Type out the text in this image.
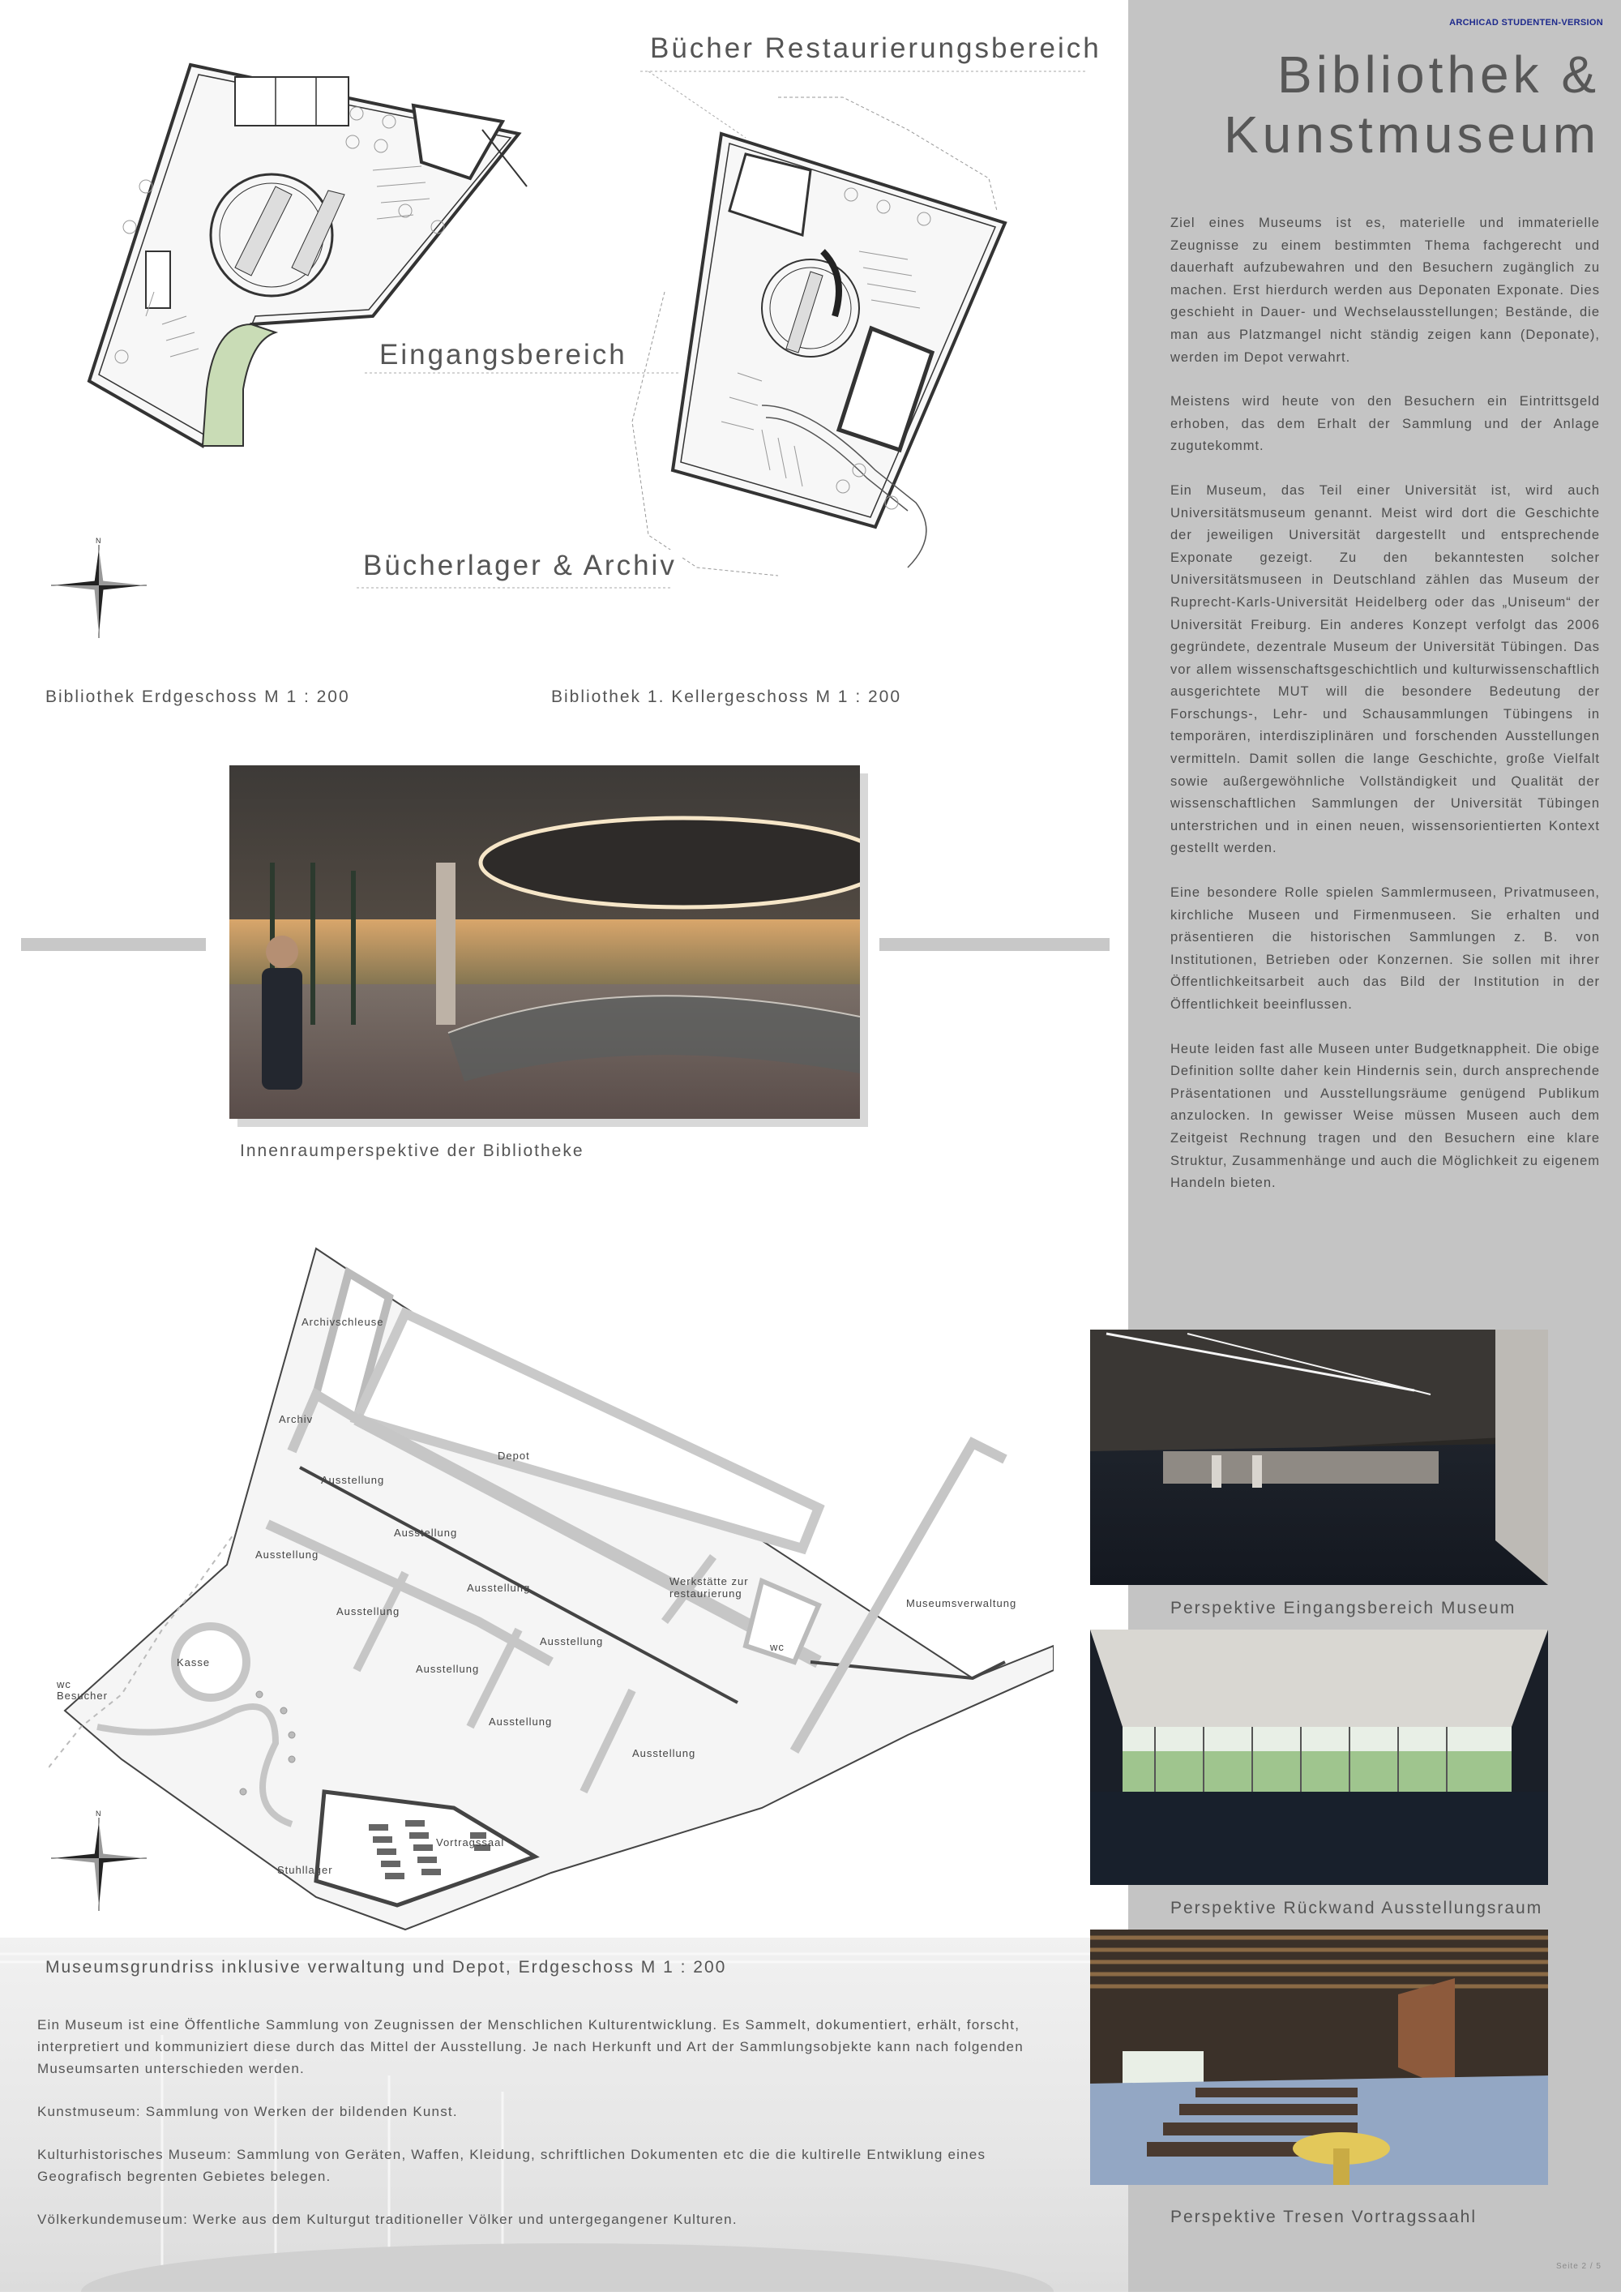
ARCHICAD STUDENTEN-VERSION
Bibliothek &
Kunstmuseum

Ziel eines Museums ist es, materielle und immaterielle Zeugnisse zu einem bestimmten Thema fachgerecht und dauerhaft aufzubewahren und den Besuchern zugänglich zu machen. Erst hierdurch werden aus Deponaten Exponate. Dies geschieht in Dauer- und Wechselausstellungen; Bestände, die man aus Platzmangel nicht ständig zeigen kann (Deponate), werden im Depot verwahrt.

Meistens wird heute von den Besuchern ein Eintrittsgeld erhoben, das dem Erhalt der Sammlung und der Anlage zugutekommt.

Ein Museum, das Teil einer Universität ist, wird auch Universitätsmuseum genannt. Meist wird dort die Geschichte der jeweiligen Universität dargestellt und entsprechende Exponate gezeigt. Zu den bekanntesten solcher Universitätsmuseen in Deutschland zählen das Museum der Ruprecht-Karls-Universität Heidelberg oder das „Uniseum“ der Universität Freiburg. Ein anderes Konzept verfolgt das 2006 gegründete, dezentrale Museum der Universität Tübingen. Das vor allem wissenschaftsgeschichtlich und kulturwissenschaftlich ausgerichtete MUT will die besondere Bedeutung der Forschungs-, Lehr- und Schausammlungen Tübingens in temporären, interdisziplinären und forschenden Ausstellungen vermitteln. Damit sollen die lange Geschichte, große Vielfalt sowie außergewöhnliche Vollständigkeit und Qualität der wissenschaftlichen Sammlungen der Universität Tübingen unterstrichen und in einen neuen, wissensorientierten Kontext gestellt werden.

Eine besondere Rolle spielen Sammlermuseen, Privatmuseen, kirchliche Museen und Firmenmuseen. Sie erhalten und präsentieren die historischen Sammlungen z. B. von Institutionen, Betrieben oder Konzernen. Sie sollen mit ihrer Öffentlichkeitsarbeit auch das Bild der Institution in der Öffentlichkeit beeinflussen.

Heute leiden fast alle Museen unter Budgetknappheit. Die obige Definition sollte daher kein Hindernis sein, durch ansprechende Präsentationen und Ausstellungsräume genügend Publikum anzulocken. In gewisser Weise müssen Museen auch dem Zeitgeist Rechnung tragen und den Besuchern eine klare Struktur, Zusammenhänge und auch die Möglichkeit zu eigenem Handeln bieten.

Bücher Restaurierungsbereich
Eingangsbereich
Bücherlager & Archiv
N
Bibliothek Erdgeschoss M 1 : 200	Bibliothek 1. Kellergeschoss M 1 : 200
Innenraumperspektive der Bibliotheke
Archivschleuse
Archiv
Depot
Ausstellung
Ausstellung
Ausstellung
Ausstellung
Ausstellung
Ausstellung
Ausstellung
Ausstellung
Ausstellung
Werkstätte zur
restaurierung
wc
Museumsverwaltung
Kasse
wc
Besucher
Vortragssaal
Stuhllager
N
Museumsgrundriss inklusive verwaltung und Depot, Erdgeschoss M 1 : 200

Ein Museum ist eine Öffentliche Sammlung von Zeugnissen der Menschlichen Kulturentwicklung. Es Sammelt, dokumentiert, erhält, forscht, interpretiert und kommuniziert diese durch das Mittel der Ausstellung. Je nach Herkunft und Art der Sammlungsobjekte kann nach folgenden Museumsarten unterschieden werden.

Kunstmuseum: Sammlung von Werken der bildenden Kunst.

Kulturhistorisches Museum: Sammlung von Geräten, Waffen, Kleidung, schriftlichen Dokumenten etc die die kultirelle Entwiklung eines Geografisch begrenten Gebietes belegen.

Völkerkundemuseum: Werke aus dem Kulturgut traditioneller Völker und untergegangener Kulturen.

Perspektive Eingangsbereich Museum
Perspektive Rückwand Ausstellungsraum
Perspektive Tresen Vortragssaahl
Seite 2 / 5
